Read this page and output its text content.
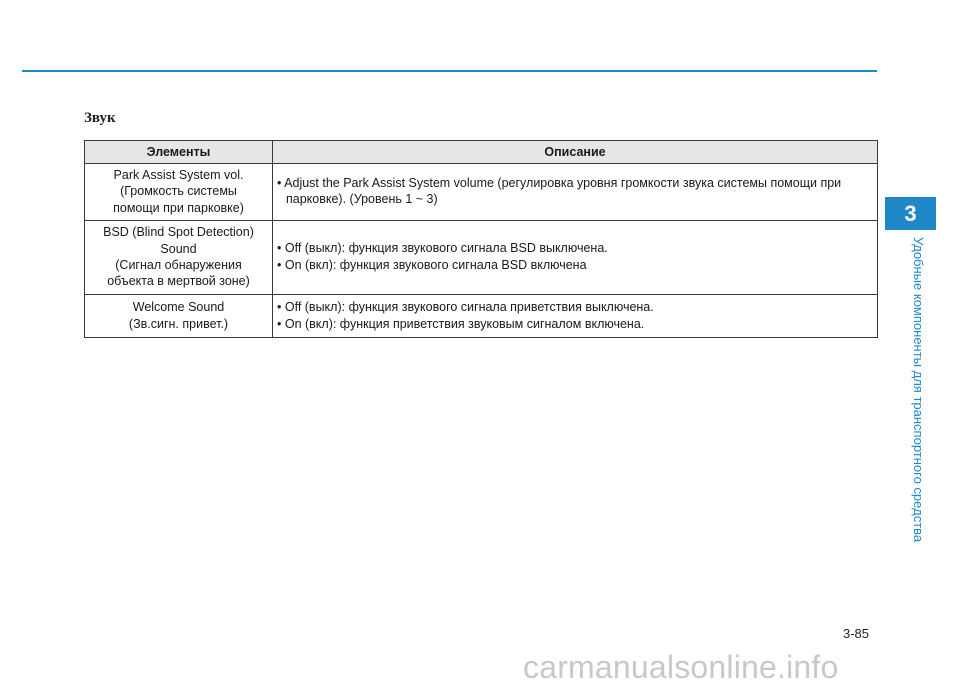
Звук
Элементы	Описание

Park Assist System vol.
(Громкость системы
помощи при парковке)	• Adjust the Park Assist System volume (регулировка уровня громкости звука системы помощи при парковке). (Уровень 1 ~ 3)

BSD (Blind Spot Detection)
Sound
(Сигнал обнаружения
объекта в мертвой зоне)	• Off (выкл): функция звукового сигнала BSD выключена.
• On (вкл): функция звукового сигнала BSD включена

Welcome Sound
(Зв.сигн. привет.)	• Off (выкл): функция звукового сигнала приветствия выключена.
• On (вкл): функция приветствия звуковым сигналом включена.
3
Удобные компоненты для транспортного средства
3-85
carmanualsonline.info
